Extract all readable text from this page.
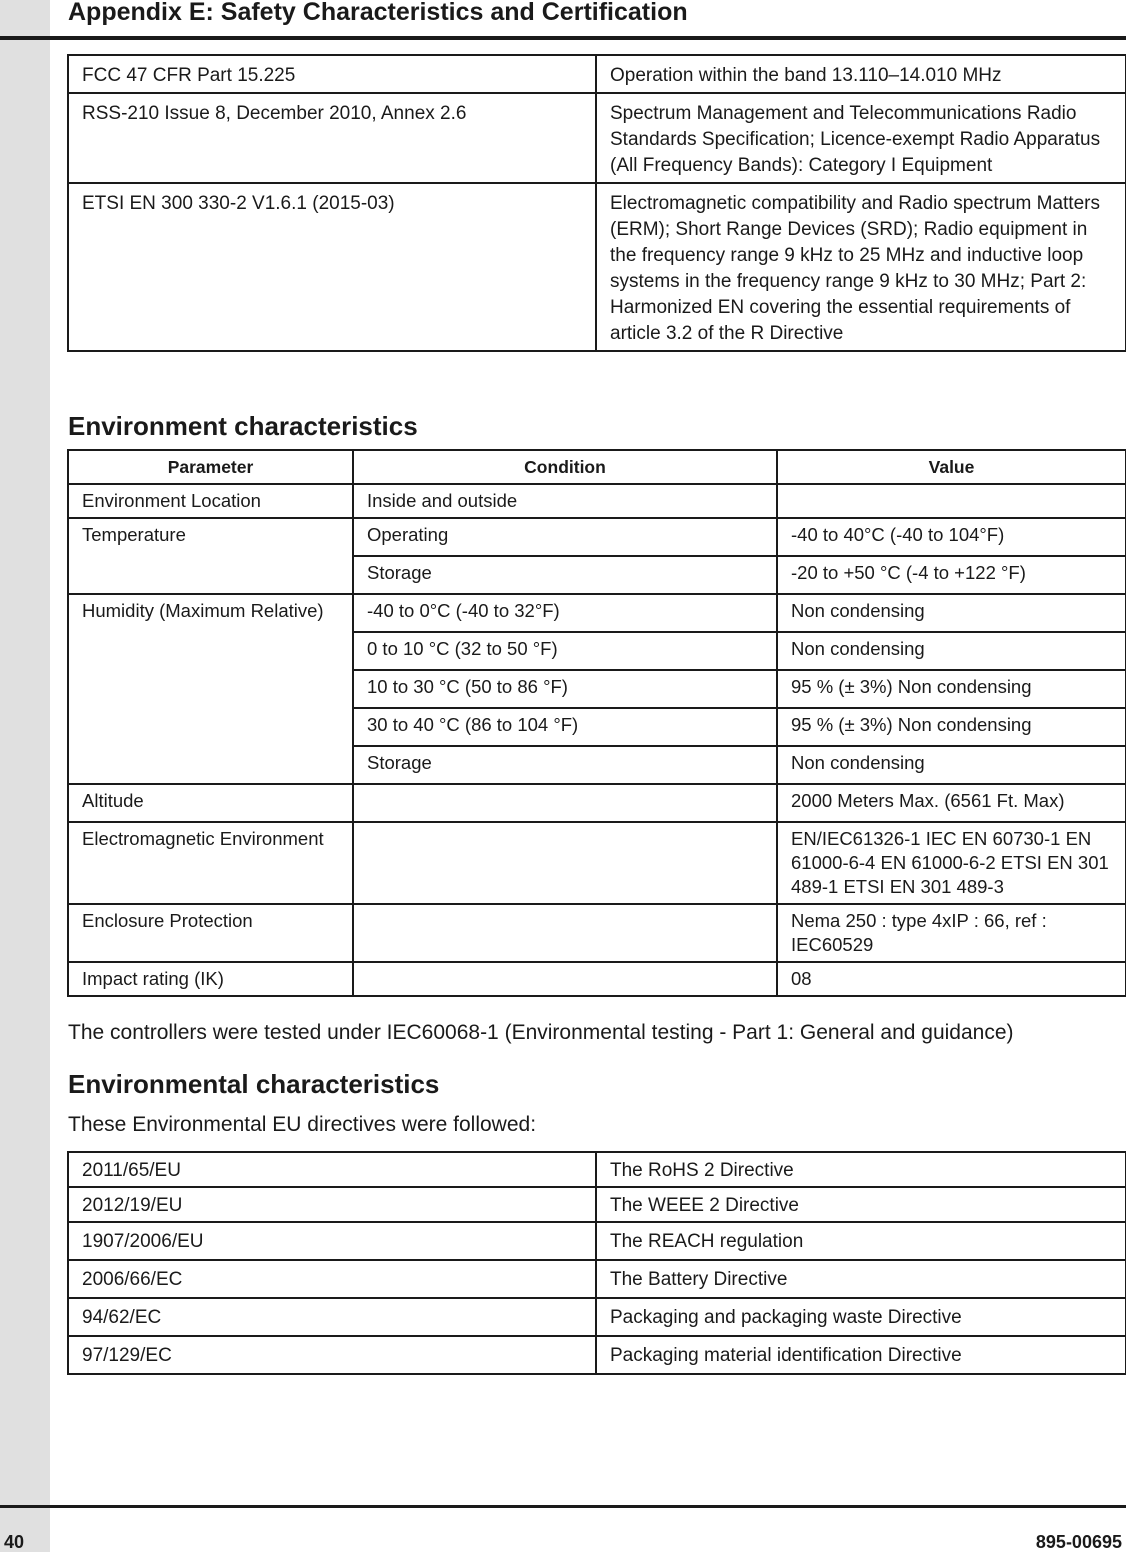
Appendix E: Safety Characteristics and Certification
FCC 47 CFR Part 15.225	Operation within the band 13.110–14.010 MHz
RSS-210 Issue 8, December 2010, Annex 2.6	Spectrum Management and Telecommunications Radio Standards Specification; Licence-exempt Radio Apparatus (All Frequency Bands): Category I Equipment
ETSI EN 300 330-2 V1.6.1 (2015-03)	Electromagnetic compatibility and Radio spectrum Matters (ERM); Short Range Devices (SRD); Radio equipment in the frequency range 9 kHz to 25 MHz and inductive loop systems in the frequency range 9 kHz to 30 MHz; Part 2: Harmonized EN covering the essential requirements of article 3.2 of the R Directive
Environment characteristics
Parameter	Condition	Value
Environment Location	Inside and outside	
Temperature	Operating	-40 to 40°C (-40 to 104°F)
	Storage	-20 to +50 °C (-4 to +122 °F)
Humidity (Maximum Relative)	-40 to 0°C (-40 to 32°F)	Non condensing
	0 to 10 °C (32 to 50 °F)	Non condensing
	10 to 30 °C (50 to 86 °F)	95 % (± 3%) Non condensing
	30 to 40 °C (86 to 104 °F)	95 % (± 3%) Non condensing
	Storage	Non condensing
Altitude		2000 Meters Max. (6561 Ft. Max)
Electromagnetic Environment		EN/IEC61326-1 IEC EN 60730-1 EN 61000-6-4 EN 61000-6-2 ETSI EN 301 489-1 ETSI EN 301 489-3
Enclosure Protection		Nema 250 : type 4xIP : 66, ref : IEC60529
Impact rating (IK)		08

The controllers were tested under IEC60068-1 (Environmental testing - Part 1: General and guidance)

Environmental characteristics

These Environmental EU directives were followed:

2011/65/EU	The RoHS 2 Directive
2012/19/EU	The WEEE 2 Directive
1907/2006/EU	The REACH regulation
2006/66/EC	The Battery Directive
94/62/EC	Packaging and packaging waste Directive
97/129/EC	Packaging material identification Directive
40	895-00695
